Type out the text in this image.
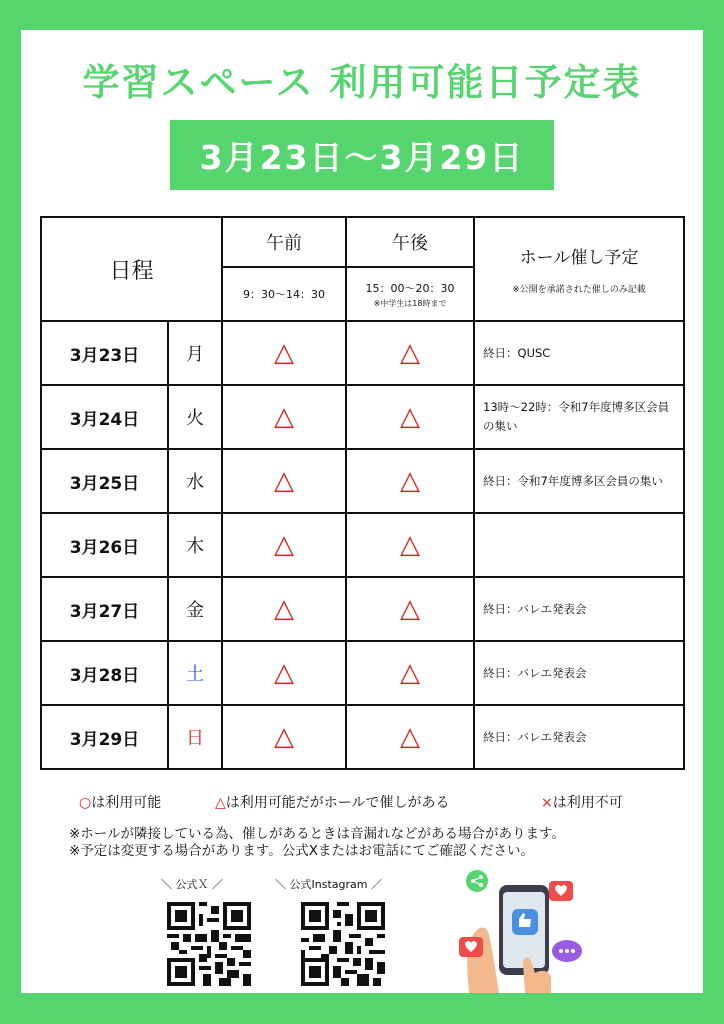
学習スペース 利用可能日予定表
3月23日〜3月29日
日程		午前	午後	ホール催し予定
※公開を承諾された催しのみ記載

		9：30〜14：30	15：00〜20：30
※中学生は18時まで	

3月23日	月	△	△	終日：QUSC
3月24日	火	△	△	13時〜22時：令和7年度博多区会員の集い
3月25日	水	△	△	終日：令和7年度博多区会員の集い
3月26日	木	△	△	
3月27日	金	△	△	終日：バレエ発表会
3月28日	土	△	△	終日：バレエ発表会
3月29日	日	△	△	終日：バレエ発表会
○は利用可能	△は利用可能だがホールで催しがある	×は利用不可
※ホールが隣接している為、催しがあるときは音漏れなどがある場合があります。
※予定は変更する場合があります。公式Xまたはお電話にてご確認ください。
＼ 公式Ｘ ／	＼ 公式Instagram ／
